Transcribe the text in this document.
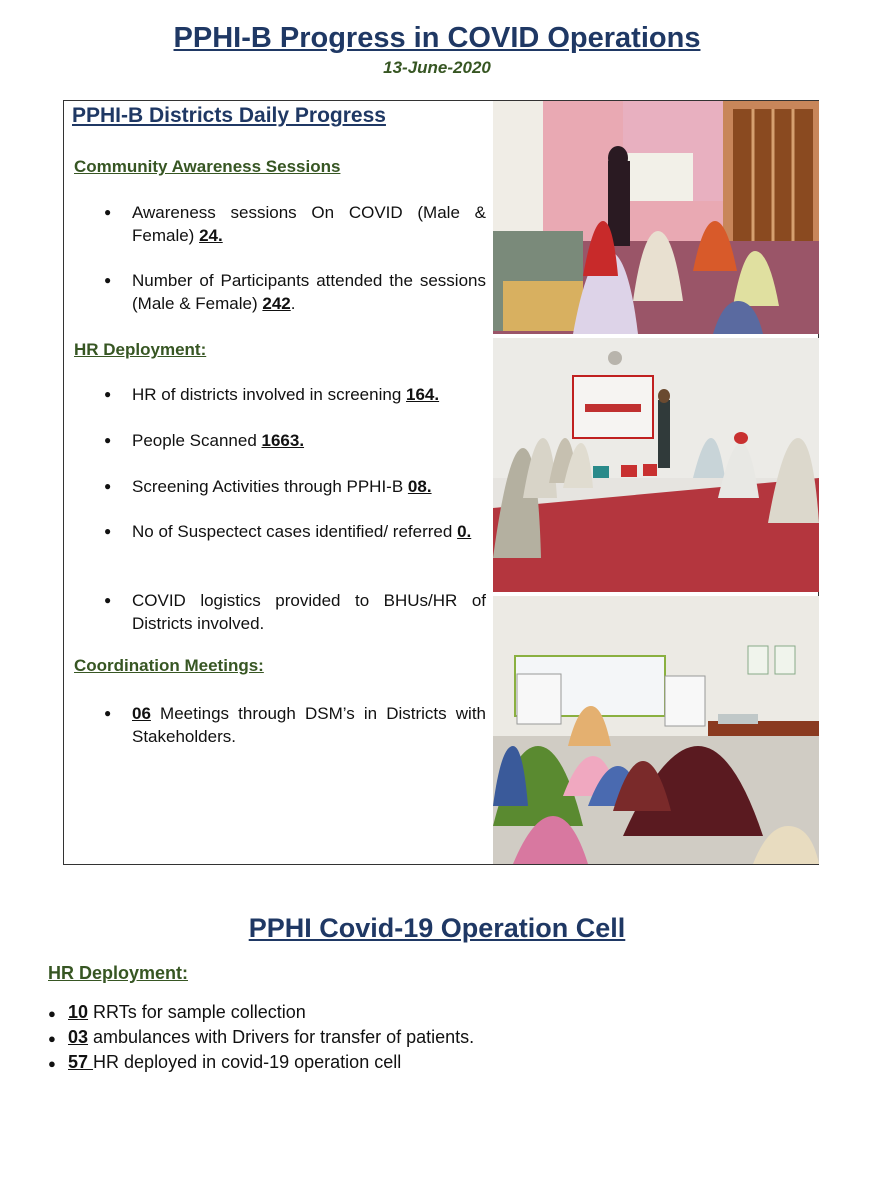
PPHI-B Progress in COVID Operations
13-June-2020
PPHI-B Districts Daily Progress
Community Awareness Sessions
● Awareness sessions On COVID (Male & Female) 24.
● Number of Participants attended the sessions (Male & Female) 242.
HR Deployment:
● HR of districts involved in screening 164.
● People Scanned 1663.
● Screening Activities through PPHI-B 08.
● No of Suspectect cases identified/ referred 0.
● COVID logistics provided to BHUs/HR of Districts involved.
Coordination Meetings:
● 06 Meetings through DSM’s in Districts with Stakeholders.
PPHI Covid-19 Operation Cell
HR Deployment:
● 10 RRTs for sample collection
● 03 ambulances with Drivers for transfer of patients.
● 57 HR deployed in covid-19 operation cell
